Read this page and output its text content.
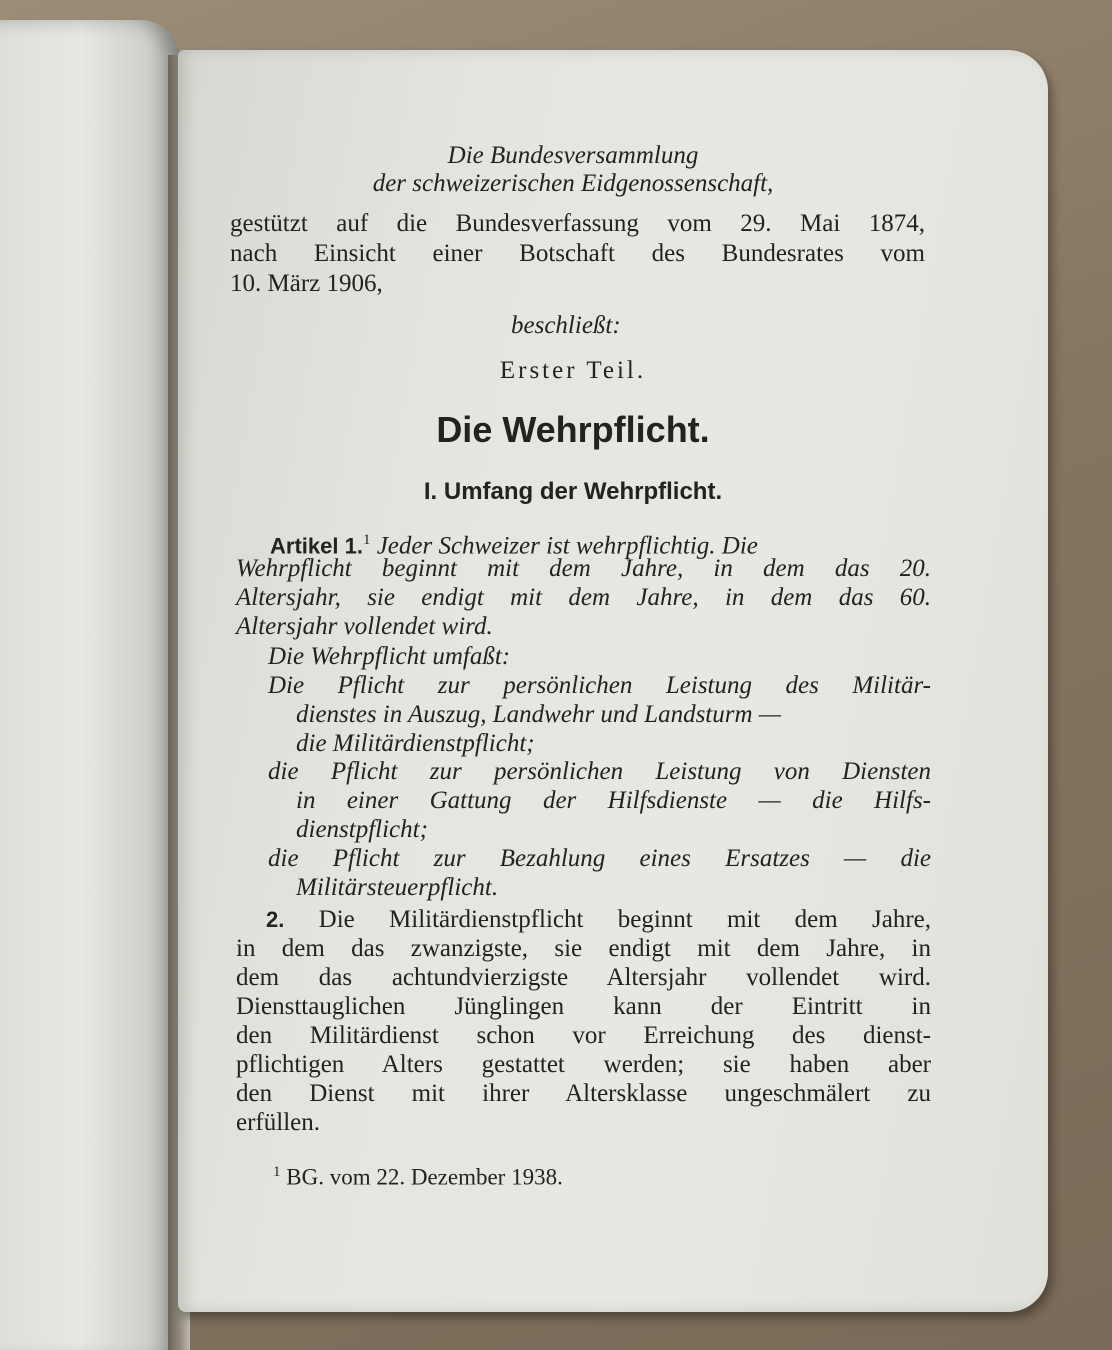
Die Bundesversammlung
der schweizerischen Eidgenossenschaft,
gestützt auf die Bundesverfassung vom 29. Mai 1874,
nach Einsicht einer Botschaft des Bundesrates vom
10. März 1906,
beschließt:
Erster Teil.
Die Wehrpflicht.
I. Umfang der Wehrpflicht.
Artikel 1.$^1$ Jeder Schweizer ist wehrpflichtig. Die
Wehrpflicht beginnt mit dem Jahre, in dem das 20.
Altersjahr, sie endigt mit dem Jahre, in dem das 60.
Altersjahr vollendet wird.
Die Wehrpflicht umfaßt:
Die Pflicht zur persönlichen Leistung des Militär-
dienstes in Auszug, Landwehr und Landsturm —
die Militärdienstpflicht;
die Pflicht zur persönlichen Leistung von Diensten
in einer Gattung der Hilfsdienste — die Hilfs-
dienstpflicht;
die Pflicht zur Bezahlung eines Ersatzes — die
Militärsteuerpflicht.
2. Die Militärdienstpflicht beginnt mit dem Jahre,
in dem das zwanzigste, sie endigt mit dem Jahre, in
dem das achtundvierzigste Altersjahr vollendet wird.
Diensttauglichen Jünglingen kann der Eintritt in
den Militärdienst schon vor Erreichung des dienst-
pflichtigen Alters gestattet werden; sie haben aber
den Dienst mit ihrer Altersklasse ungeschmälert zu
erfüllen.
$^1$ BG. vom 22. Dezember 1938.
